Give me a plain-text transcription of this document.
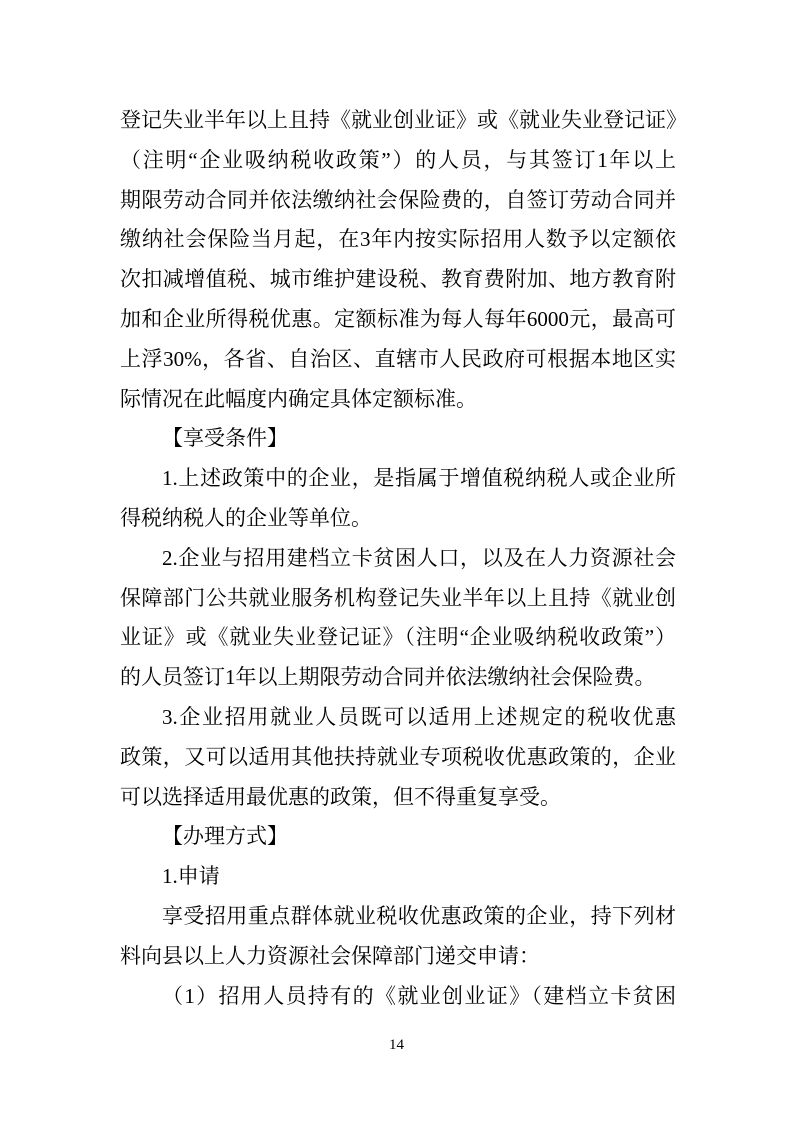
登记失业半年以上且持《就业创业证》或《就业失业登记证》
（注明“企业吸纳税收政策”）的人员，与其签订1年以上
期限劳动合同并依法缴纳社会保险费的，自签订劳动合同并
缴纳社会保险当月起，在3年内按实际招用人数予以定额依
次扣减增值税、城市维护建设税、教育费附加、地方教育附
加和企业所得税优惠。定额标准为每人每年6000元，最高可
上浮30%，各省、自治区、直辖市人民政府可根据本地区实
际情况在此幅度内确定具体定额标准。
【享受条件】
1.上述政策中的企业，是指属于增值税纳税人或企业所
得税纳税人的企业等单位。
2.企业与招用建档立卡贫困人口，以及在人力资源社会
保障部门公共就业服务机构登记失业半年以上且持《就业创
业证》或《就业失业登记证》（注明“企业吸纳税收政策”）
的人员签订1年以上期限劳动合同并依法缴纳社会保险费。
3.企业招用就业人员既可以适用上述规定的税收优惠
政策，又可以适用其他扶持就业专项税收优惠政策的，企业
可以选择适用最优惠的政策，但不得重复享受。
【办理方式】
1.申请
享受招用重点群体就业税收优惠政策的企业，持下列材
料向县以上人力资源社会保障部门递交申请：
（1）招用人员持有的《就业创业证》（建档立卡贫困
14
